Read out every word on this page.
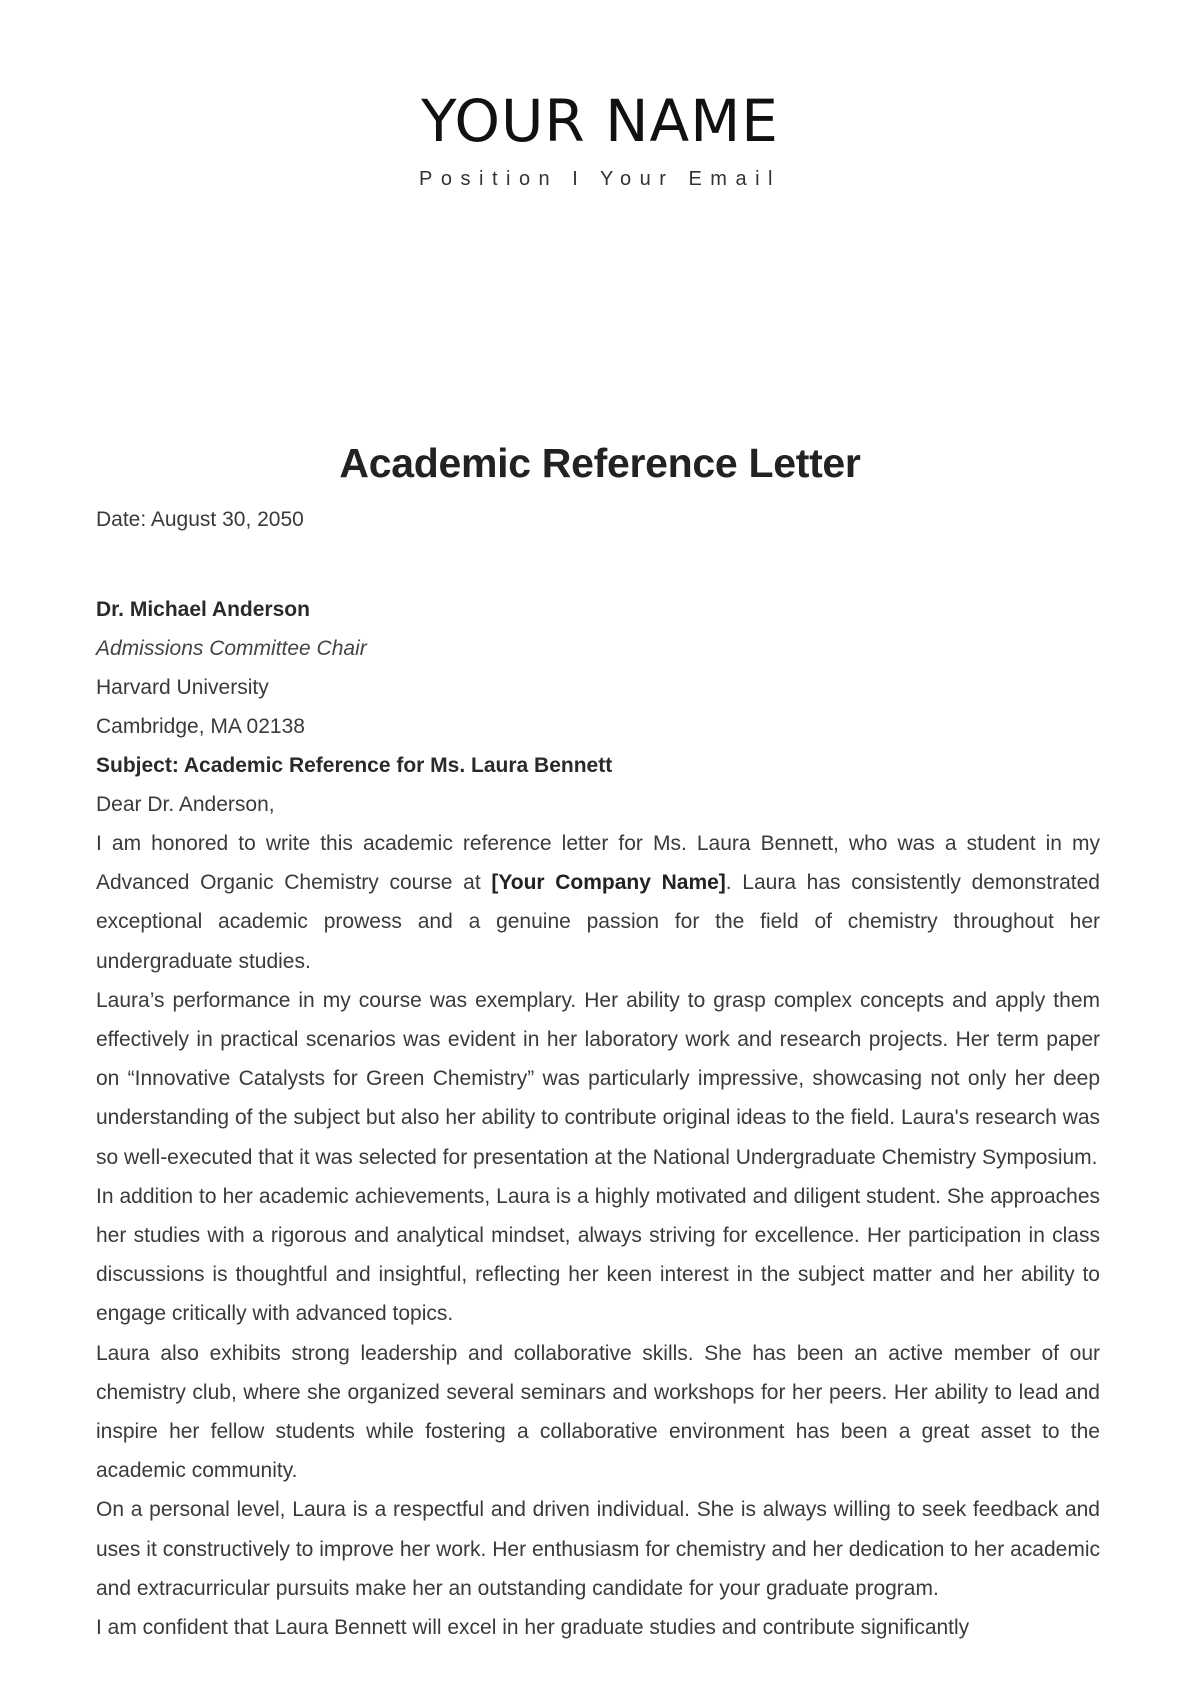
YOUR NAME
Position I Your Email
Academic Reference Letter

Date: August 30, 2050

Dr. Michael Anderson

Admissions Committee Chair

Harvard University

Cambridge, MA 02138

Subject: Academic Reference for Ms. Laura Bennett

Dear Dr. Anderson,

I am honored to write this academic reference letter for Ms. Laura Bennett, who was a student in my Advanced Organic Chemistry course at [Your Company Name]. Laura has consistently demonstrated exceptional academic prowess and a genuine passion for the field of chemistry throughout her undergraduate studies.

Laura’s performance in my course was exemplary. Her ability to grasp complex concepts and apply them effectively in practical scenarios was evident in her laboratory work and research projects. Her term paper on “Innovative Catalysts for Green Chemistry” was particularly impressive, showcasing not only her deep understanding of the subject but also her ability to contribute original ideas to the field. Laura's research was so well-executed that it was selected for presentation at the National Undergraduate Chemistry Symposium.

In addition to her academic achievements, Laura is a highly motivated and diligent student. She approaches her studies with a rigorous and analytical mindset, always striving for excellence. Her participation in class discussions is thoughtful and insightful, reflecting her keen interest in the subject matter and her ability to engage critically with advanced topics.

Laura also exhibits strong leadership and collaborative skills. She has been an active member of our chemistry club, where she organized several seminars and workshops for her peers. Her ability to lead and inspire her fellow students while fostering a collaborative environment has been a great asset to the academic community.

On a personal level, Laura is a respectful and driven individual. She is always willing to seek feedback and uses it constructively to improve her work. Her enthusiasm for chemistry and her dedication to her academic and extracurricular pursuits make her an outstanding candidate for your graduate program.

I am confident that Laura Bennett will excel in her graduate studies and contribute significantly
